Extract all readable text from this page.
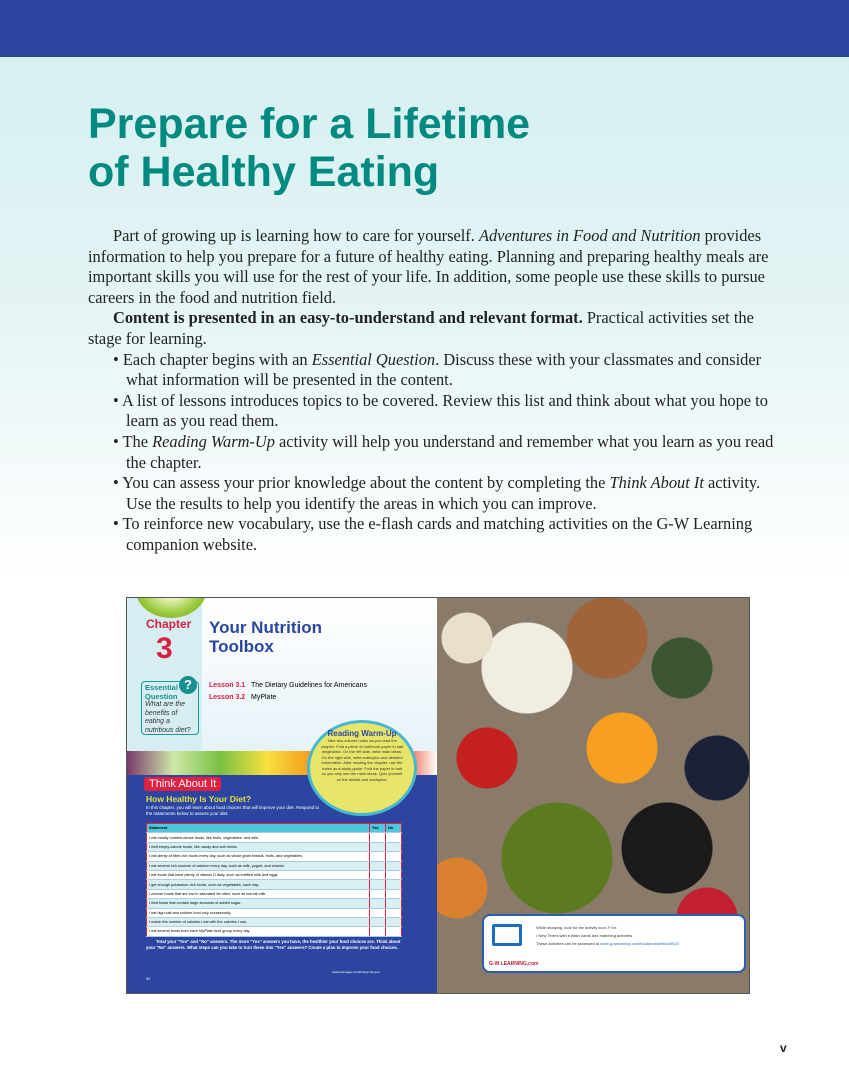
Prepare for a Lifetime
of Healthy Eating

Part of growing up is learning how to care for yourself. Adventures in Food and Nutrition provides information to help you prepare for a future of healthy eating. Planning and preparing healthy meals are important skills you will use for the rest of your life. In addition, some people use these skills to pursue careers in the food and nutrition field.

Content is presented in an easy-to-understand and relevant format. Practical activities set the stage for learning.

• Each chapter begins with an Essential Question. Discuss these with your classmates and consider what information will be presented in the content.
• A list of lessons introduces topics to be covered. Review this list and think about what you hope to learn as you read them.
• The Reading Warm-Up activity will help you understand and remember what you learn as you read the chapter.
• You can assess your prior knowledge about the content by completing the Think About It activity. Use the results to help you identify the areas in which you can improve.
• To reinforce new vocabulary, use the e-flash cards and matching activities on the G-W Learning companion website.
Chapter
3
Essential Question
What are the benefits of eating a nutritious diet?
?
Your Nutrition Toolbox
Lesson 3.1 The Dietary Guidelines for Americans
Lesson 3.2 MyPlate
Think About It
How Healthy Is Your Diet?
In this chapter, you will learn about food choices that will improve your diet. Respond to the statements below to assess your diet.
Reading Warm-Up
Take two-column notes as you read the chapter. Fold a piece of notebook paper in half lengthwise. On the left side, write main ideas. On the right side, write subtopics and detailed information. After reading the chapter, use the notes as a study guide. Fold the paper in half so you only see the main ideas. Quiz yourself on the details and subtopics.
Statement	Yes	No
I eat mostly nutrient-dense foods, like fruits, vegetables, and milk.		
I limit empty-calorie foods, like candy and soft drinks.		
I eat plenty of fiber-rich foods every day, such as whole grain breads, fruits, and vegetables.		
I eat several rich sources of calcium every day, such as milk, yogurt, and cheese.		
I eat foods that have plenty of vitamin D daily, such as fortified milk and eggs.		
I get enough potassium-rich foods, such as vegetables, each day.		
I choose foods that are low in saturated fat often, such as low-fat milk.		
I limit foods that contain large amounts of added sugar.		
I eat high salt and sodium food only occasionally.		
I match the number of calories I eat with the calories I use.		
I eat several foods from each MyPlate food group every day.		
Total your "Yes" and "No" answers. The more "Yes" answers you have, the healthier your food choices are. Think about your "No" answers. What steps can you take to turn these into "Yes" answers? Create a plan to improve your food choices.
www.freeimages.com/Rodrigo Reyes ▸
92
G-W LEARNING.com
While studying, look for the activity icon ⇗ for:
• New Terms with e-flash cards and matching activities
These activities can be accessed at www.g-wlearning.com/foodandnutrition/9523
v
